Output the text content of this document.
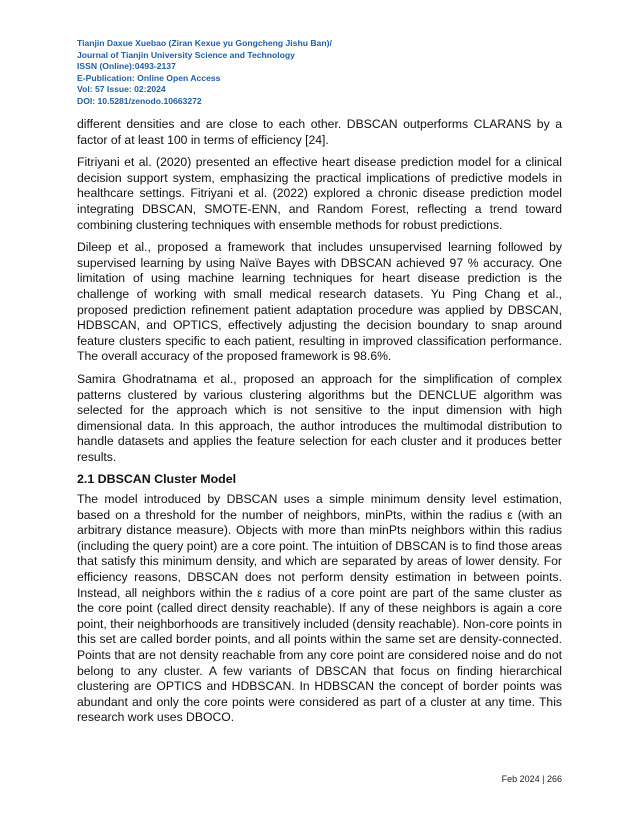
Tianjin Daxue Xuebao (Ziran Kexue yu Gongcheng Jishu Ban)/
Journal of Tianjin University Science and Technology
ISSN (Online):0493-2137
E-Publication: Online Open Access
Vol: 57 Issue: 02:2024
DOI: 10.5281/zenodo.10663272

different densities and are close to each other. DBSCAN outperforms CLARANS by a factor of at least 100 in terms of efficiency [24].

Fitriyani et al. (2020) presented an effective heart disease prediction model for a clinical decision support system, emphasizing the practical implications of predictive models in healthcare settings. Fitriyani et al. (2022) explored a chronic disease prediction model integrating DBSCAN, SMOTE-ENN, and Random Forest, reflecting a trend toward combining clustering techniques with ensemble methods for robust predictions.

Dileep et al., proposed a framework that includes unsupervised learning followed by supervised learning by using Naïve Bayes with DBSCAN achieved 97 % accuracy. One limitation of using machine learning techniques for heart disease prediction is the challenge of working with small medical research datasets. Yu Ping Chang et al., proposed prediction refinement patient adaptation procedure was applied by DBSCAN, HDBSCAN, and OPTICS, effectively adjusting the decision boundary to snap around feature clusters specific to each patient, resulting in improved classification performance. The overall accuracy of the proposed framework is 98.6%.

Samira Ghodratnama et al., proposed an approach for the simplification of complex patterns clustered by various clustering algorithms but the DENCLUE algorithm was selected for the approach which is not sensitive to the input dimension with high dimensional data. In this approach, the author introduces the multimodal distribution to handle datasets and applies the feature selection for each cluster and it produces better results.

2.1 DBSCAN Cluster Model

The model introduced by DBSCAN uses a simple minimum density level estimation, based on a threshold for the number of neighbors, minPts, within the radius ε (with an arbitrary distance measure). Objects with more than minPts neighbors within this radius (including the query point) are a core point. The intuition of DBSCAN is to find those areas that satisfy this minimum density, and which are separated by areas of lower density. For efficiency reasons, DBSCAN does not perform density estimation in between points. Instead, all neighbors within the ε radius of a core point are part of the same cluster as the core point (called direct density reachable). If any of these neighbors is again a core point, their neighborhoods are transitively included (density reachable). Non-core points in this set are called border points, and all points within the same set are density-connected. Points that are not density reachable from any core point are considered noise and do not belong to any cluster. A few variants of DBSCAN that focus on finding hierarchical clustering are OPTICS and HDBSCAN. In HDBSCAN the concept of border points was abundant and only the core points were considered as part of a cluster at any time. This research work uses DBOCO.

Feb 2024 | 266
